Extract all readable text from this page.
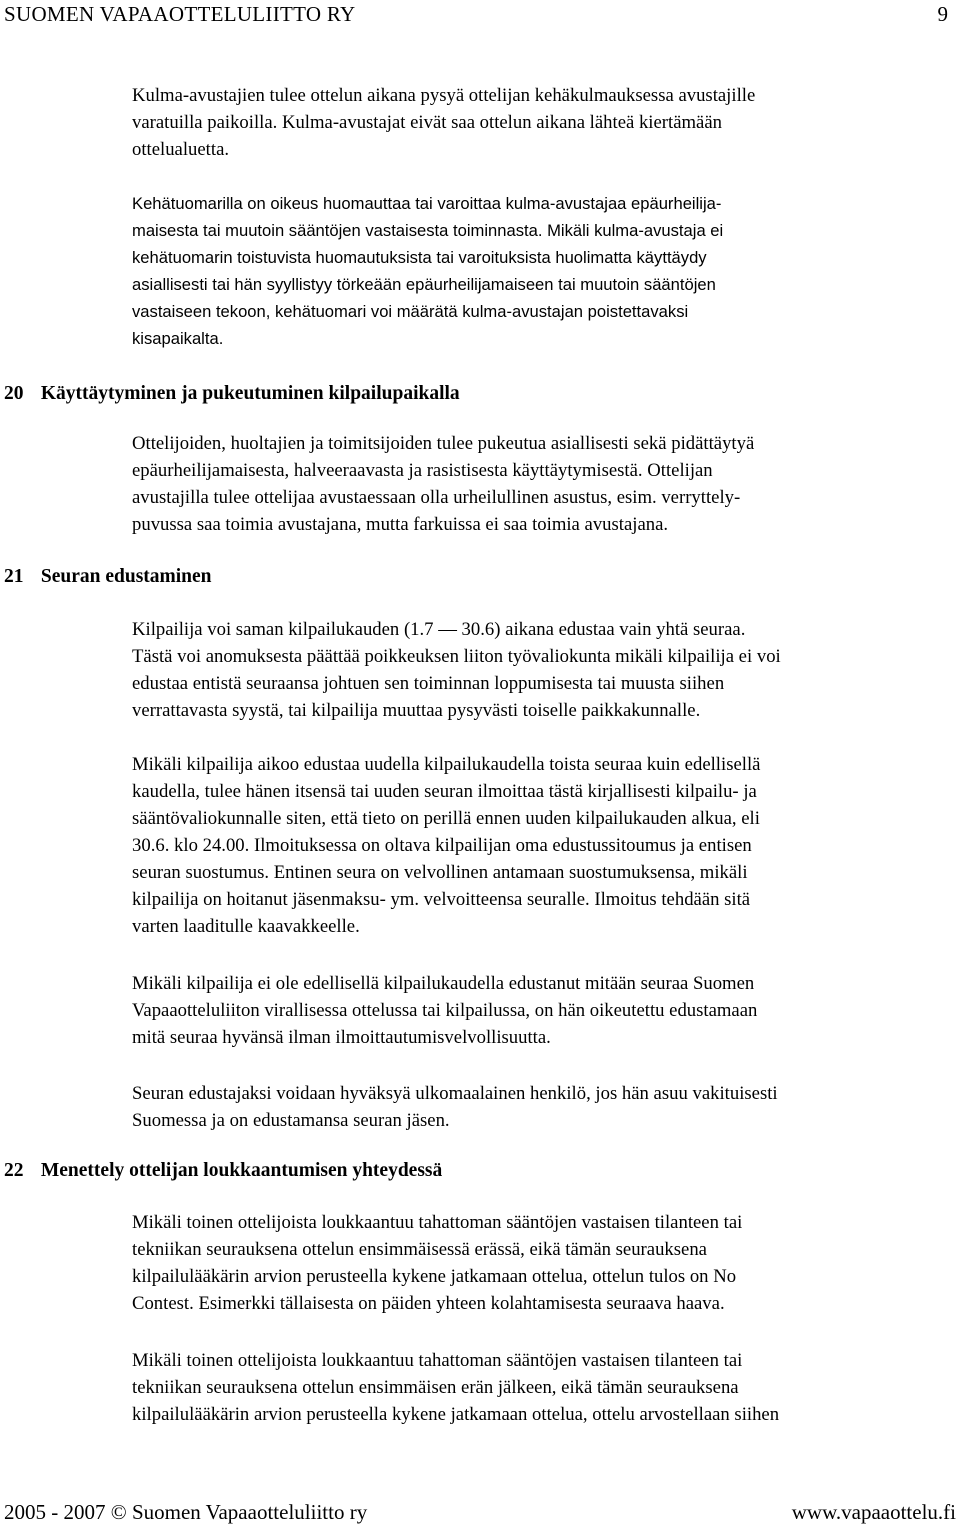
SUOMEN VAPAAOTTELULIITTO RY	9
Kulma-avustajien tulee ottelun aikana pysyä ottelijan kehäkulmauksessa avustajille
varatuilla paikoilla. Kulma-avustajat eivät saa ottelun aikana lähteä kiertämään
ottelualuetta.
Kehätuomarilla on oikeus huomauttaa tai varoittaa kulma-avustajaa epäurheilija-
maisesta tai muutoin sääntöjen vastaisesta toiminnasta. Mikäli kulma-avustaja ei
kehätuomarin toistuvista huomautuksista tai varoituksista huolimatta käyttäydy
asiallisesti tai hän syyllistyy törkeään epäurheilijamaiseen tai muutoin sääntöjen
vastaiseen tekoon, kehätuomari voi määrätä kulma-avustajan poistettavaksi
kisapaikalta.
20 Käyttäytyminen ja pukeutuminen kilpailupaikalla
Ottelijoiden, huoltajien ja toimitsijoiden tulee pukeutua asiallisesti sekä pidättäytyä
epäurheilijamaisesta, halveeraavasta ja rasistisesta käyttäytymisestä. Ottelijan
avustajilla tulee ottelijaa avustaessaan olla urheilullinen asustus, esim. verryttely-
puvussa saa toimia avustajana, mutta farkuissa ei saa toimia avustajana.
21 Seuran edustaminen
Kilpailija voi saman kilpailukauden (1.7 — 30.6) aikana edustaa vain yhtä seuraa.
Tästä voi anomuksesta päättää poikkeuksen liiton työvaliokunta mikäli kilpailija ei voi
edustaa entistä seuraansa johtuen sen toiminnan loppumisesta tai muusta siihen
verrattavasta syystä, tai kilpailija muuttaa pysyvästi toiselle paikkakunnalle.
Mikäli kilpailija aikoo edustaa uudella kilpailukaudella toista seuraa kuin edellisellä
kaudella, tulee hänen itsensä tai uuden seuran ilmoittaa tästä kirjallisesti kilpailu- ja
sääntövaliokunnalle siten, että tieto on perillä ennen uuden kilpailukauden alkua, eli
30.6. klo 24.00. Ilmoituksessa on oltava kilpailijan oma edustussitoumus ja entisen
seuran suostumus. Entinen seura on velvollinen antamaan suostumuksensa, mikäli
kilpailija on hoitanut jäsenmaksu- ym. velvoitteensa seuralle. Ilmoitus tehdään sitä
varten laaditulle kaavakkeelle.
Mikäli kilpailija ei ole edellisellä kilpailukaudella edustanut mitään seuraa Suomen
Vapaaotteluliiton virallisessa ottelussa tai kilpailussa, on hän oikeutettu edustamaan
mitä seuraa hyvänsä ilman ilmoittautumisvelvollisuutta.
Seuran edustajaksi voidaan hyväksyä ulkomaalainen henkilö, jos hän asuu vakituisesti
Suomessa ja on edustamansa seuran jäsen.
22 Menettely ottelijan loukkaantumisen yhteydessä
Mikäli toinen ottelijoista loukkaantuu tahattoman sääntöjen vastaisen tilanteen tai
tekniikan seurauksena ottelun ensimmäisessä erässä, eikä tämän seurauksena
kilpailulääkärin arvion perusteella kykene jatkamaan ottelua, ottelun tulos on No
Contest. Esimerkki tällaisesta on päiden yhteen kolahtamisesta seuraava haava.
Mikäli toinen ottelijoista loukkaantuu tahattoman sääntöjen vastaisen tilanteen tai
tekniikan seurauksena ottelun ensimmäisen erän jälkeen, eikä tämän seurauksena
kilpailulääkärin arvion perusteella kykene jatkamaan ottelua, ottelu arvostellaan siihen
2005 - 2007 © Suomen Vapaaotteluliitto ry	www.vapaaottelu.fi
